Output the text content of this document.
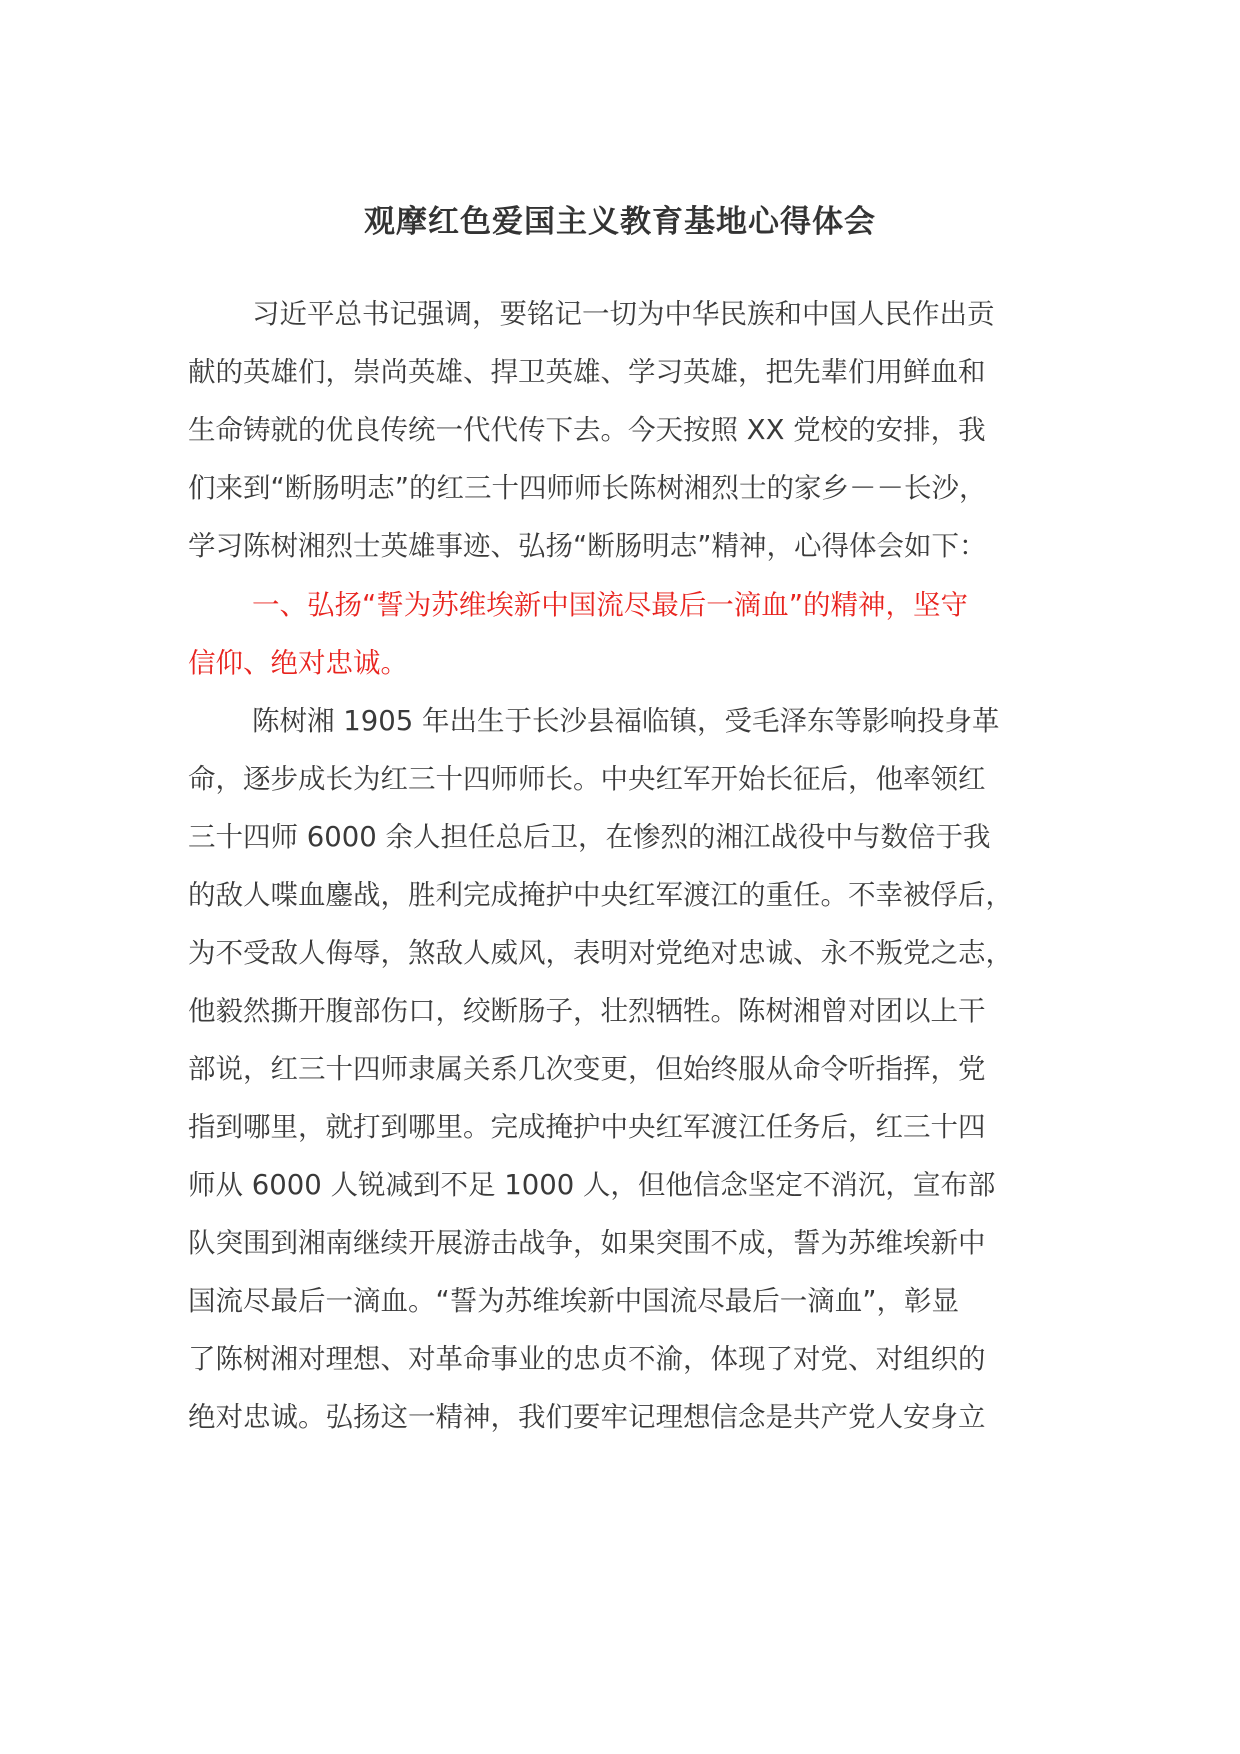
观摩红色爱国主义教育基地心得体会

习近平总书记强调，要铭记一切为中华民族和中国人民作出贡

献的英雄们，崇尚英雄、捍卫英雄、学习英雄，把先辈们用鲜血和

生命铸就的优良传统一代代传下去。今天按照 XX 党校的安排，我

们来到“断肠明志”的红三十四师师长陈树湘烈士的家乡－－长沙，

学习陈树湘烈士英雄事迹、弘扬“断肠明志”精神，心得体会如下：

一、弘扬“誓为苏维埃新中国流尽最后一滴血”的精神，坚守

信仰、绝对忠诚。

陈树湘 1905 年出生于长沙县福临镇，受毛泽东等影响投身革

命，逐步成长为红三十四师师长。中央红军开始长征后，他率领红

三十四师 6000 余人担任总后卫，在惨烈的湘江战役中与数倍于我

的敌人喋血鏖战，胜利完成掩护中央红军渡江的重任。不幸被俘后，

为不受敌人侮辱，煞敌人威风，表明对党绝对忠诚、永不叛党之志，

他毅然撕开腹部伤口，绞断肠子，壮烈牺牲。陈树湘曾对团以上干

部说，红三十四师隶属关系几次变更，但始终服从命令听指挥，党

指到哪里，就打到哪里。完成掩护中央红军渡江任务后，红三十四

师从 6000 人锐减到不足 1000 人，但他信念坚定不消沉，宣布部

队突围到湘南继续开展游击战争，如果突围不成，誓为苏维埃新中

国流尽最后一滴血。“誓为苏维埃新中国流尽最后一滴血”，彰显

了陈树湘对理想、对革命事业的忠贞不渝，体现了对党、对组织的

绝对忠诚。弘扬这一精神，我们要牢记理想信念是共产党人安身立
